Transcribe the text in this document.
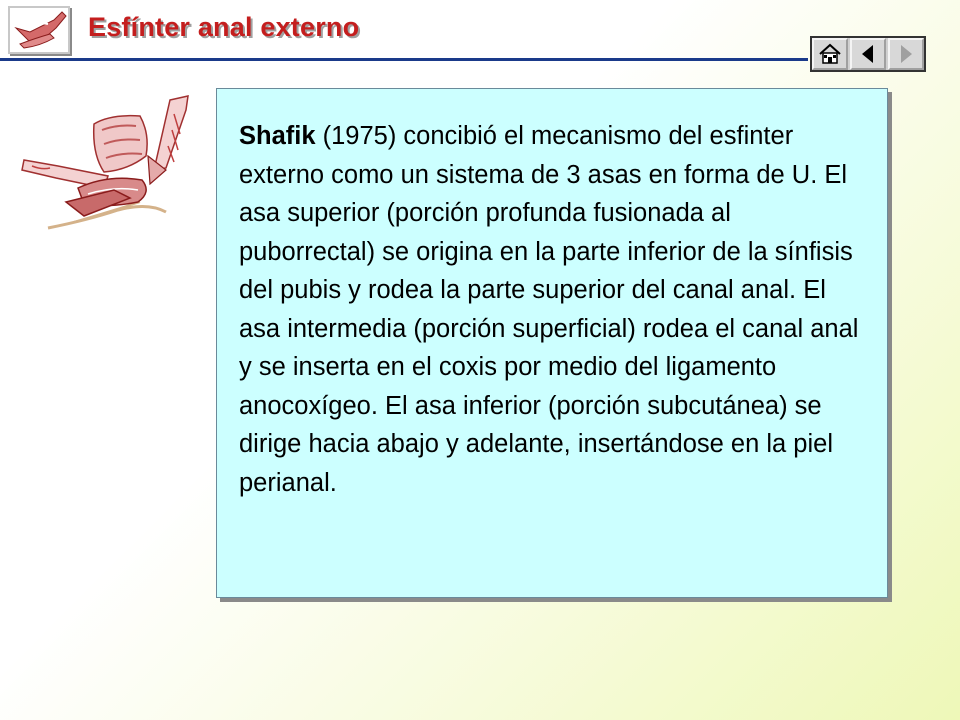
Esfínter anal externo

Shafik (1975) concibió el mecanismo del esfinter externo como un sistema de 3 asas en forma de U. El asa superior (porción profunda fusionada al puborrectal) se origina en la parte inferior de la sínfisis del pubis y rodea la parte superior del canal anal. El asa intermedia (porción superficial) rodea el canal anal y se inserta en el coxis por medio del ligamento anocoxígeo. El asa inferior (porción subcutánea) se dirige hacia abajo y adelante, insertándose en la piel perianal.
